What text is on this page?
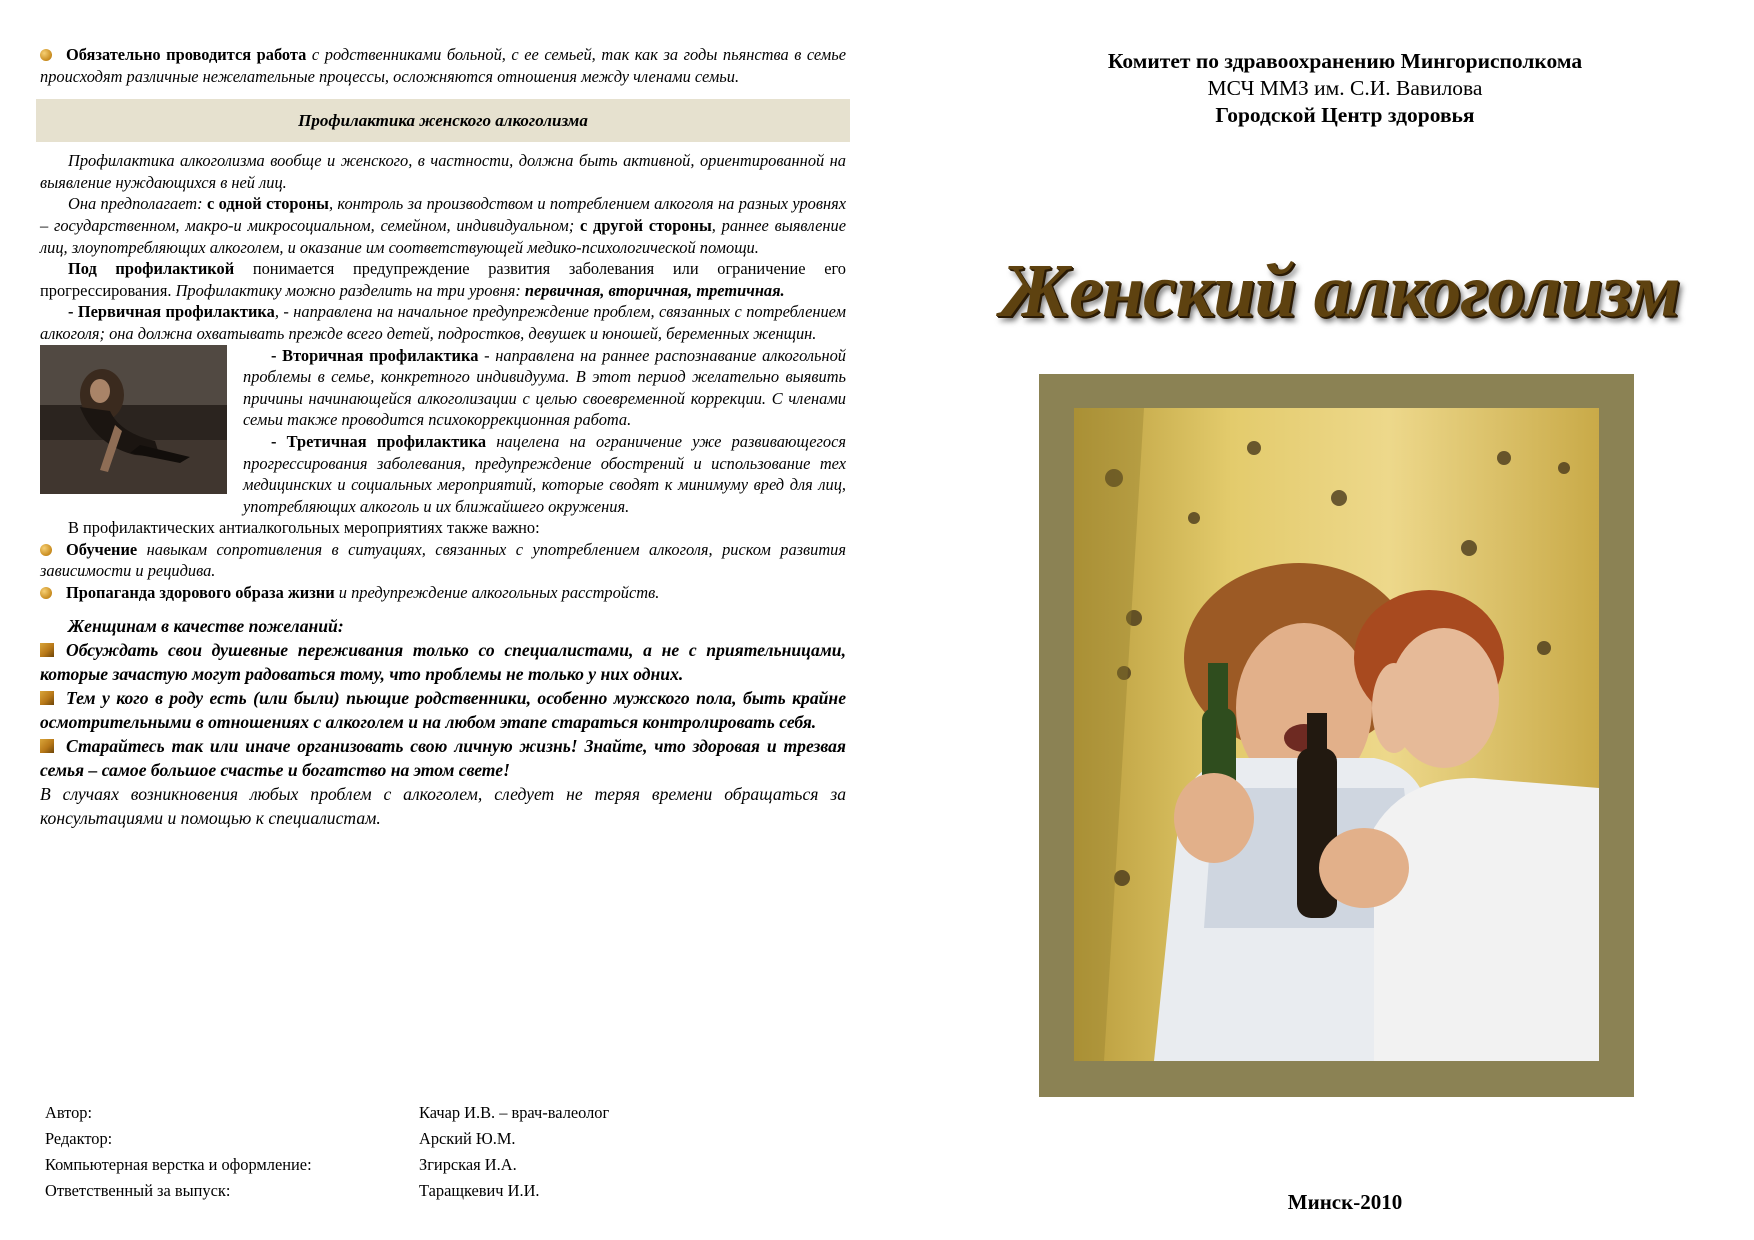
Обязательно проводится работа с родственниками больной, с ее семьей, так как за годы пьянства в семье происходят различные нежелательные процессы, осложняются отношения между членами семьи.

Профилактика женского алкоголизма

Профилактика алкоголизма вообще и женского, в частности, должна быть активной, ориентированной на выявление нуждающихся в ней лиц.

Она предполагает: с одной стороны, контроль за производством и потреблением алкоголя на разных уровнях – государственном, макро-и микросоциальном, семейном, индивидуальном; с другой стороны, раннее выявление лиц, злоупотребляющих алкоголем, и оказание им соответствующей медико-психологической помощи.

Под профилактикой понимается предупреждение развития заболевания или ограничение его прогрессирования. Профилактику можно разделить на три уровня: первичная, вторичная, третичная.

- Первичная профилактика, - направлена на начальное предупреждение проблем, связанных с потреблением алкоголя; она должна охватывать прежде всего детей, подростков, девушек и юношей, беременных женщин.

- Вторичная профилактика - направлена на раннее распознавание алкогольной проблемы в семье, конкретного индивидуума. В этот период желательно выявить причины начинающейся алкоголизации с целью своевременной коррекции. С членами семьи также проводится психокоррекционная работа.

- Третичная профилактика нацелена на ограничение уже развивающегося прогрессирования заболевания, предупреждение обострений и использование тех медицинских и социальных мероприятий, которые сводят к минимуму вред для лиц, употребляющих алкоголь и их ближайшего окружения.

В профилактических антиалкогольных мероприятиях также важно:

Обучение навыкам сопротивления в ситуациях, связанных с употреблением алкоголя, риском развития зависимости и рецидива.

Пропаганда здорового образа жизни и предупреждение алкогольных расстройств.

Женщинам в качестве пожеланий:

Обсуждать свои душевные переживания только со специалистами, а не с приятельницами, которые зачастую могут радоваться тому, что проблемы не только у них одних.

Тем у кого в роду есть (или были) пьющие родственники, особенно мужского пола, быть крайне осмотрительными в отношениях с алкоголем и на любом этапе стараться контролировать себя.

Старайтесь так или иначе организовать свою личную жизнь! Знайте, что здоровая и трезвая семья – самое большое счастье и богатство на этом свете!

В случаях возникновения любых проблем с алкоголем, следует не теряя времени обращаться за консультациями и помощью к специалистам.

Автор:	Качар И.В. – врач-валеолог
Редактор:	Арский Ю.М.
Компьютерная верстка и оформление:	Згирская И.А.
Ответственный за выпуск:	Таращкевич И.И.
Комитет по здравоохранению Мингорисполкома
МСЧ ММЗ им. С.И. Вавилова
Городской Центр здоровья
Женский алкоголизм
Минск-2010
